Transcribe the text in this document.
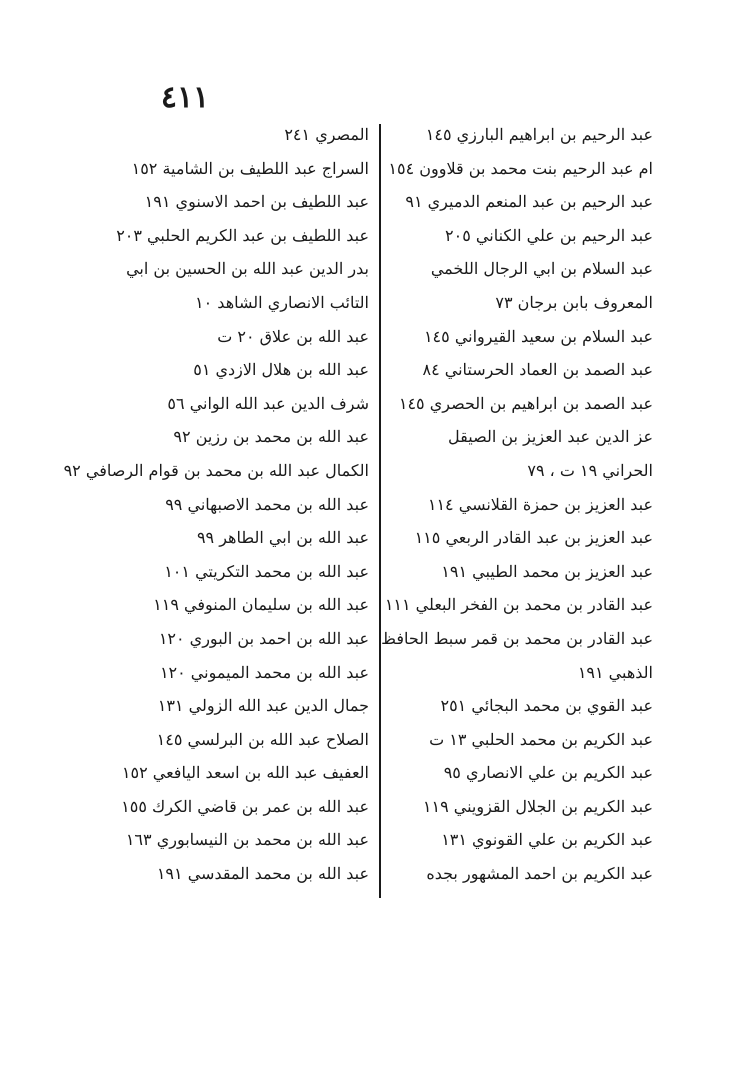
٤١١
عبد الرحيم بن ابراهيم البارزي ١٤٥
ام عبد الرحيم بنت محمد بن قلاوون ١٥٤
عبد الرحيم بن عبد المنعم الدميري ٩١
عبد الرحيم بن علي الكناني ٢٠٥
عبد السلام بن ابي الرجال اللخمي
المعروف بابن برجان ٧٣
عبد السلام بن سعيد القيرواني ١٤٥
عبد الصمد بن العماد الحرستاني ٨٤
عبد الصمد بن ابراهيم بن الحصري ١٤٥
عز الدين عبد العزيز بن الصيقل
الحراني ١٩ ت ، ٧٩
عبد العزيز بن حمزة القلانسي ١١٤
عبد العزيز بن عبد القادر الربعي ١١٥
عبد العزيز بن محمد الطيبي ١٩١
عبد القادر بن محمد بن الفخر البعلي ١١١
عبد القادر بن محمد بن قمر سبط الحافظ
الذهبي ١٩١
عبد القوي بن محمد البجائي ٢٥١
عبد الكريم بن محمد الحلبي ١٣ ت
عبد الكريم بن علي الانصاري ٩٥
عبد الكريم بن الجلال القزويني ١١٩
عبد الكريم بن علي القونوي ١٣١
عبد الكريم بن احمد المشهور بجده
المصري ٢٤١
السراج عبد اللطيف بن الشامية ١٥٢
عبد اللطيف بن احمد الاسنوي ١٩١
عبد اللطيف بن عبد الكريم الحلبي ٢٠٣
بدر الدين عبد الله بن الحسين بن ابي
التائب الانصاري الشاهد ١٠
عبد الله بن علاق ٢٠ ت
عبد الله بن هلال الازدي ٥١
شرف الدين عبد الله الواني ٥٦
عبد الله بن محمد بن رزين ٩٢
الكمال عبد الله بن محمد بن قوام الرصافي ٩٢
عبد الله بن محمد الاصبهاني ٩٩
عبد الله بن ابي الطاهر ٩٩
عبد الله بن محمد التكريتي ١٠١
عبد الله بن سليمان المنوفي ١١٩
عبد الله بن احمد بن البوري ١٢٠
عبد الله بن محمد الميموني ١٢٠
جمال الدين عبد الله الزولي ١٣١
الصلاح عبد الله بن البرلسي ١٤٥
العفيف عبد الله بن اسعد اليافعي ١٥٢
عبد الله بن عمر بن قاضي الكرك ١٥٥
عبد الله بن محمد بن النيسابوري ١٦٣
عبد الله بن محمد المقدسي ١٩١
